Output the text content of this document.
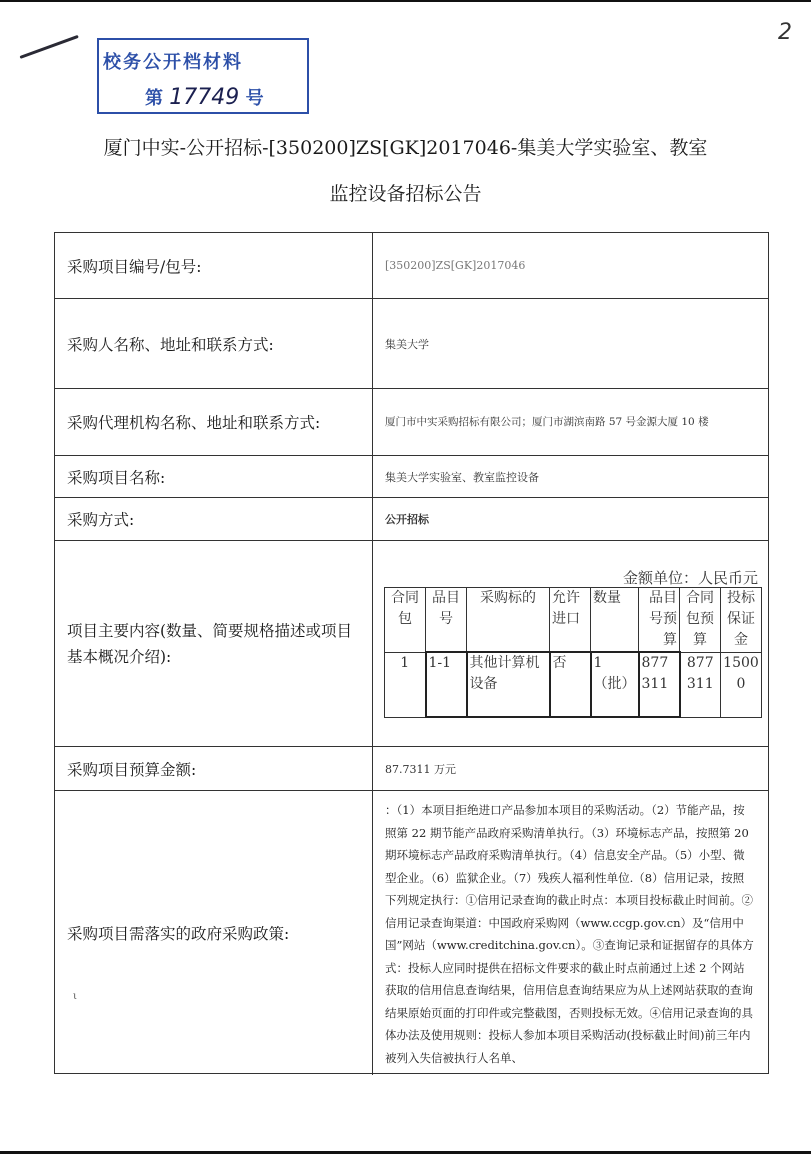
2
校务公开档材料
第 17749 号
厦门中实-公开招标-[350200]ZS[GK]2017046-集美大学实验室、教室
监控设备招标公告
采购项目编号/包号:	[350200]ZS[GK]2017046
采购人名称、地址和联系方式:	集美大学
采购代理机构名称、地址和联系方式:	厦门市中实采购招标有限公司；厦门市湖滨南路 57 号金源大厦 10 楼
采购项目名称:	集美大学实验室、教室监控设备
采购方式:	公开招标
项目主要内容(数量、简要规格描述或项目基本概况介绍):
金额单位：人民币元
合同包	品目号	采购标的	允许进口	数量	品目号预算	合同包预算	投标保证金
1	1-1	其他计算机设备	否	1（批）	877311	877311	15000
采购项目预算金额:	87.7311 万元
采购项目需落实的政府采购政策:
ι
：（1）本项目拒绝进口产品参加本项目的采购活动。（2）节能产品，按照第 22 期节能产品政府采购清单执行。（3）环境标志产品，按照第 20 期环境标志产品政府采购清单执行。（4）信息安全产品。（5）小型、微型企业。（6）监狱企业。（7）残疾人福利性单位.（8）信用记录，按照下列规定执行：①信用记录查询的截止时点：本项目投标截止时间前。②信用记录查询渠道：中国政府采购网（www.ccgp.gov.cn）及“信用中国”网站（www.creditchina.gov.cn）。③查询记录和证据留存的具体方式：投标人应同时提供在招标文件要求的截止时点前通过上述 2 个网站获取的信用信息查询结果，信用信息查询结果应为从上述网站获取的查询结果原始页面的打印件或完整截图，否则投标无效。④信用记录查询的具体办法及使用规则：投标人参加本项目采购活动(投标截止时间)前三年内被列入失信被执行人名单、
